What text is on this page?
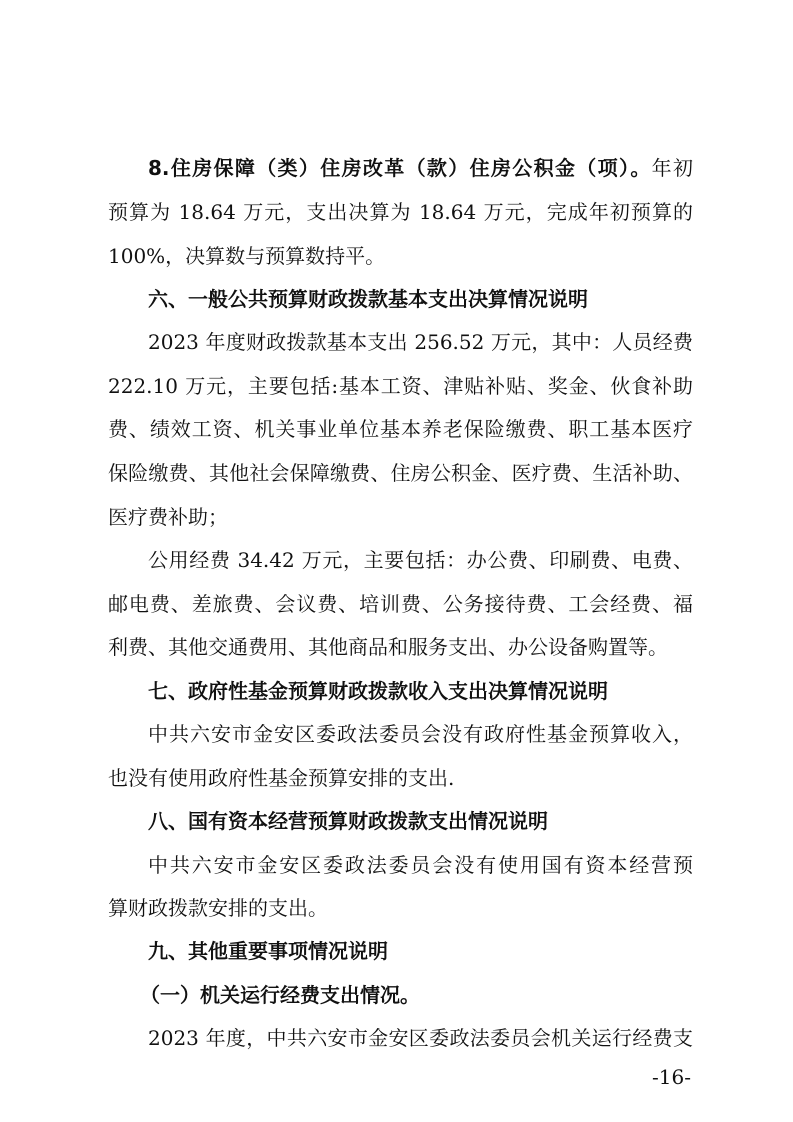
8.住房保障（类）住房改革（款）住房公积金（项）。年初
预算为 18.64 万元，支出决算为 18.64 万元，完成年初预算的
100%，决算数与预算数持平。
六、一般公共预算财政拨款基本支出决算情况说明
2023 年度财政拨款基本支出 256.52 万元，其中：人员经费
222.10 万元，主要包括:基本工资、津贴补贴、奖金、伙食补助
费、绩效工资、机关事业单位基本养老保险缴费、职工基本医疗
保险缴费、其他社会保障缴费、住房公积金、医疗费、生活补助、
医疗费补助；
公用经费 34.42 万元，主要包括：办公费、印刷费、电费、
邮电费、差旅费、会议费、培训费、公务接待费、工会经费、福
利费、其他交通费用、其他商品和服务支出、办公设备购置等。
七、政府性基金预算财政拨款收入支出决算情况说明
中共六安市金安区委政法委员会没有政府性基金预算收入，
也没有使用政府性基金预算安排的支出.
八、国有资本经营预算财政拨款支出情况说明
中共六安市金安区委政法委员会没有使用国有资本经营预
算财政拨款安排的支出。
九、其他重要事项情况说明
（一）机关运行经费支出情况。
2023 年度，中共六安市金安区委政法委员会机关运行经费支
-16-
